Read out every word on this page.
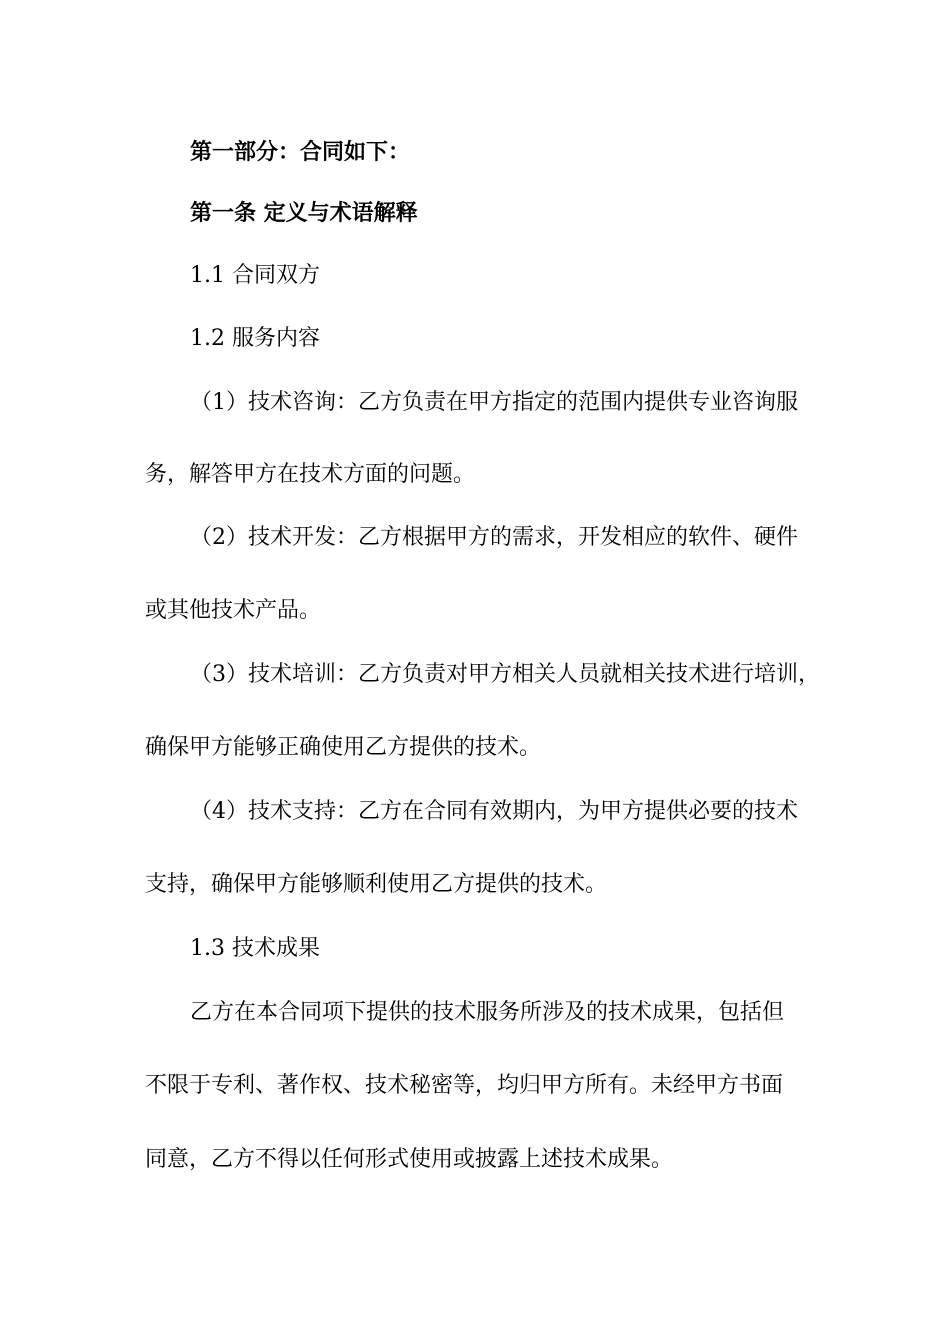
第一部分：合同如下：

第一条 定义与术语解释

1.1 合同双方

1.2 服务内容

（1）技术咨询：乙方负责在甲方指定的范围内提供专业咨询服

务，解答甲方在技术方面的问题。

（2）技术开发：乙方根据甲方的需求，开发相应的软件、硬件

或其他技术产品。

（3）技术培训：乙方负责对甲方相关人员就相关技术进行培训，

确保甲方能够正确使用乙方提供的技术。

（4）技术支持：乙方在合同有效期内，为甲方提供必要的技术

支持，确保甲方能够顺利使用乙方提供的技术。

1.3 技术成果

乙方在本合同项下提供的技术服务所涉及的技术成果，包括但

不限于专利、著作权、技术秘密等，均归甲方所有。未经甲方书面

同意，乙方不得以任何形式使用或披露上述技术成果。
